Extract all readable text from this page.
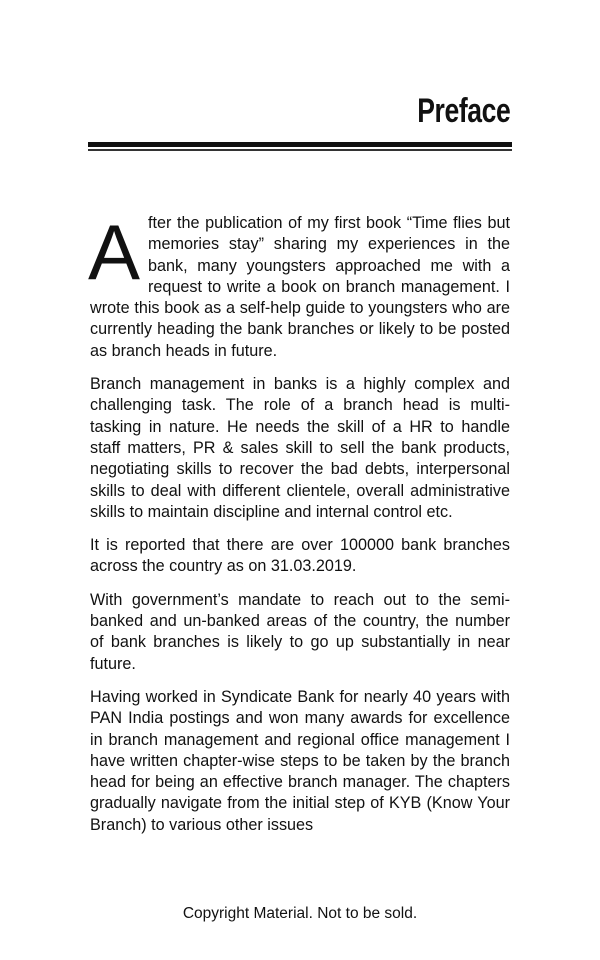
Preface

A fter the publication of my first book “Time flies but memories stay” sharing my experiences in the bank, many youngsters approached me with a request to write a book on branch management. I wrote this book as a self-help guide to youngsters who are currently heading the bank branches or likely to be posted as branch heads in future.

Branch management in banks is a highly complex and challenging task. The role of a branch head is multi-tasking in nature. He needs the skill of a HR to handle staff matters, PR & sales skill to sell the bank products, negotiating skills to recover the bad debts, interpersonal skills to deal with different clientele, overall administrative skills to maintain discipline and internal control etc.

It is reported that there are over 100000 bank branches across the country as on 31.03.2019.

With government’s mandate to reach out to the semi-banked and un-banked areas of the country, the number of bank branches is likely to go up substantially in near future.

Having worked in Syndicate Bank for nearly 40 years with PAN India postings and won many awards for excellence in branch management and regional office management I have written chapter-wise steps to be taken by the branch head for being an effective branch manager. The chapters gradually navigate from the initial step of KYB (Know Your Branch) to various other issues

Copyright Material. Not to be sold.
